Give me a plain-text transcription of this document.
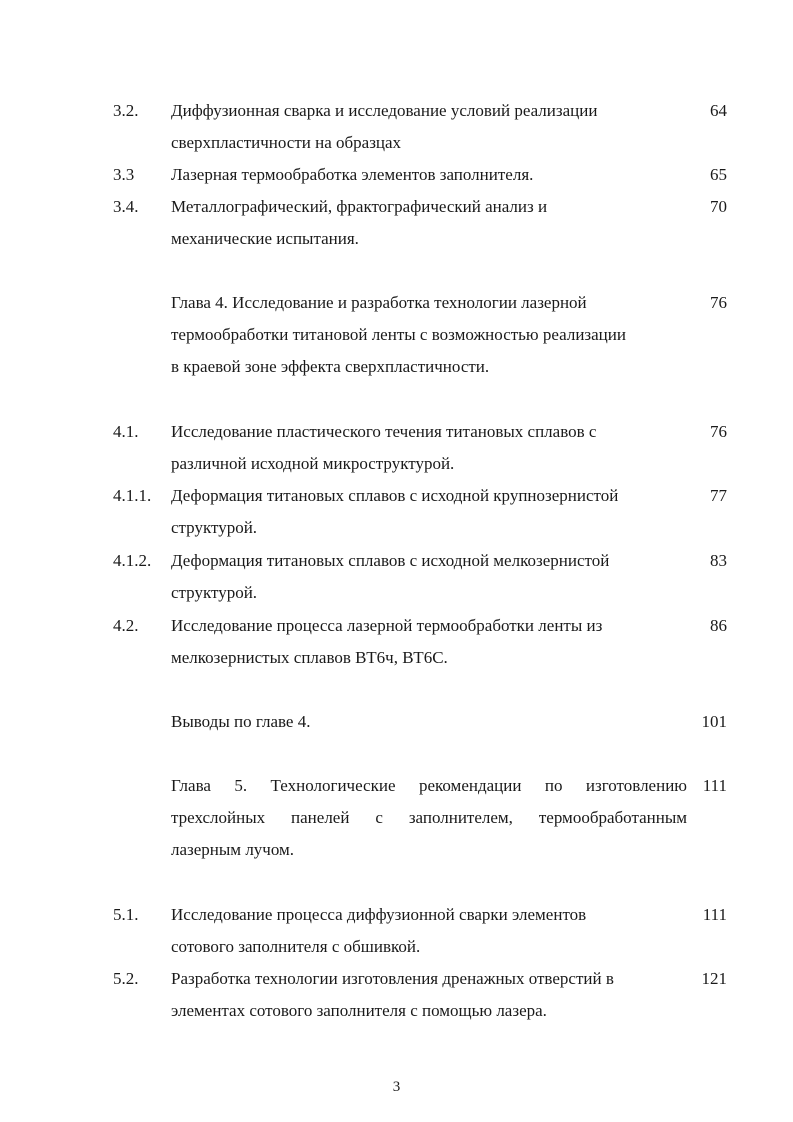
3.2. Диффузионная сварка и исследование условий реализации
сверхпластичности на образцах
64
3.3 Лазерная термообработка элементов заполнителя.	65
3.4. Металлографический, фрактографический анализ и
механические испытания.
70
Глава 4. Исследование и разработка технологии лазерной
термообработки титановой ленты с возможностью реализации
в краевой зоне эффекта сверхпластичности.
76
4.1. Исследование пластического течения титановых сплавов с
различной исходной микроструктурой.
76
4.1.1. Деформация титановых сплавов с исходной крупнозернистой
структурой.
77
4.1.2. Деформация титановых сплавов с исходной мелкозернистой
структурой.
83
4.2. Исследование процесса лазерной термообработки ленты из
мелкозернистых сплавов ВТ6ч, ВТ6С.
86
Выводы по главе 4.	101
Глава 5. Технологические рекомендации по изготовлению
трехслойных панелей с заполнителем, термообработанным
лазерным лучом.
111
5.1. Исследование процесса диффузионной сварки элементов
сотового заполнителя с обшивкой.
111
5.2. Разработка технологии изготовления дренажных отверстий в
элементах сотового заполнителя с помощью лазера.
121
3
